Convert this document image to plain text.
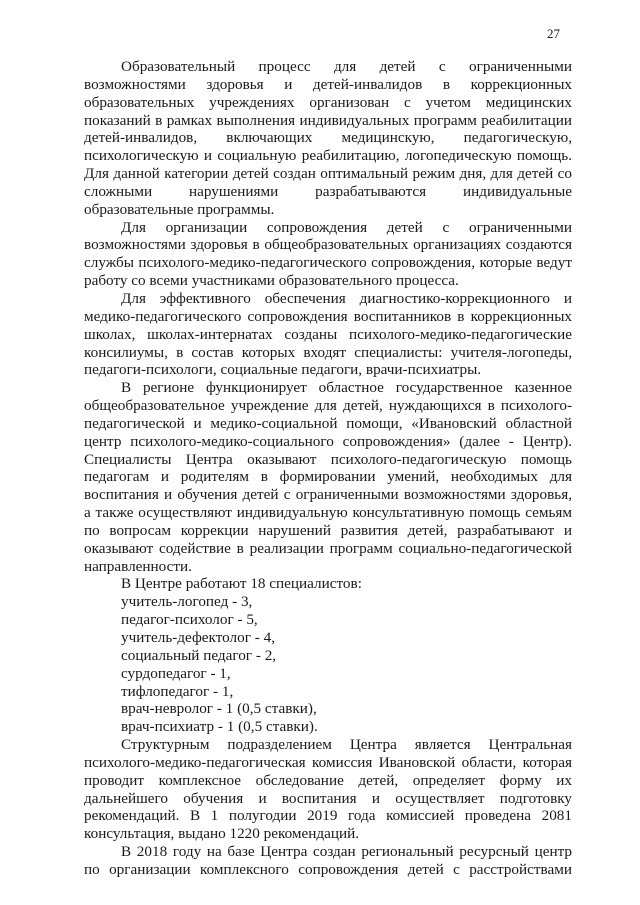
27

Образовательный процесс для детей с ограниченными возможностями здоровья и детей-инвалидов в коррекционных образовательных учреждениях организован с учетом медицинских показаний в рамках выполнения индивидуальных программ реабилитации детей-инвалидов, включающих медицинскую, педагогическую, психологическую и социальную реабилитацию, логопедическую помощь. Для данной категории детей создан оптимальный режим дня, для детей со сложными нарушениями разрабатываются индивидуальные образовательные программы.

Для организации сопровождения детей с ограниченными возможностями здоровья в общеобразовательных организациях создаются службы психолого-медико-педагогического сопровождения, которые ведут работу со всеми участниками образовательного процесса.

Для эффективного обеспечения диагностико-коррекционного и медико-педагогического сопровождения воспитанников в коррекционных школах, школах-интернатах созданы психолого-медико-педагогические консилиумы, в состав которых входят специалисты: учителя-логопеды, педагоги-психологи, социальные педагоги, врачи-психиатры.

В регионе функционирует областное государственное казенное общеобразовательное учреждение для детей, нуждающихся в психолого-педагогической и медико-социальной помощи, «Ивановский областной центр психолого-медико-социального сопровождения» (далее - Центр). Специалисты Центра оказывают психолого-педагогическую помощь педагогам и родителям в формировании умений, необходимых для воспитания и обучения детей с ограниченными возможностями здоровья, а также осуществляют индивидуальную консультативную помощь семьям по вопросам коррекции нарушений развития детей, разрабатывают и оказывают содействие в реализации программ социально-педагогической направленности.

В Центре работают 18 специалистов:

учитель-логопед - 3,
педагог-психолог - 5,
учитель-дефектолог - 4,
социальный педагог - 2,
сурдопедагог - 1,
тифлопедагог - 1,
врач-невролог - 1 (0,5 ставки),
врач-психиатр - 1 (0,5 ставки).

Структурным подразделением Центра является Центральная психолого-медико-педагогическая комиссия Ивановской области, которая проводит комплексное обследование детей, определяет форму их дальнейшего обучения и воспитания и осуществляет подготовку рекомендаций. В 1 полугодии 2019 года комиссией проведена 2081 консультация, выдано 1220 рекомендаций.

В 2018 году на базе Центра создан региональный ресурсный центр по организации комплексного сопровождения детей с расстройствами
